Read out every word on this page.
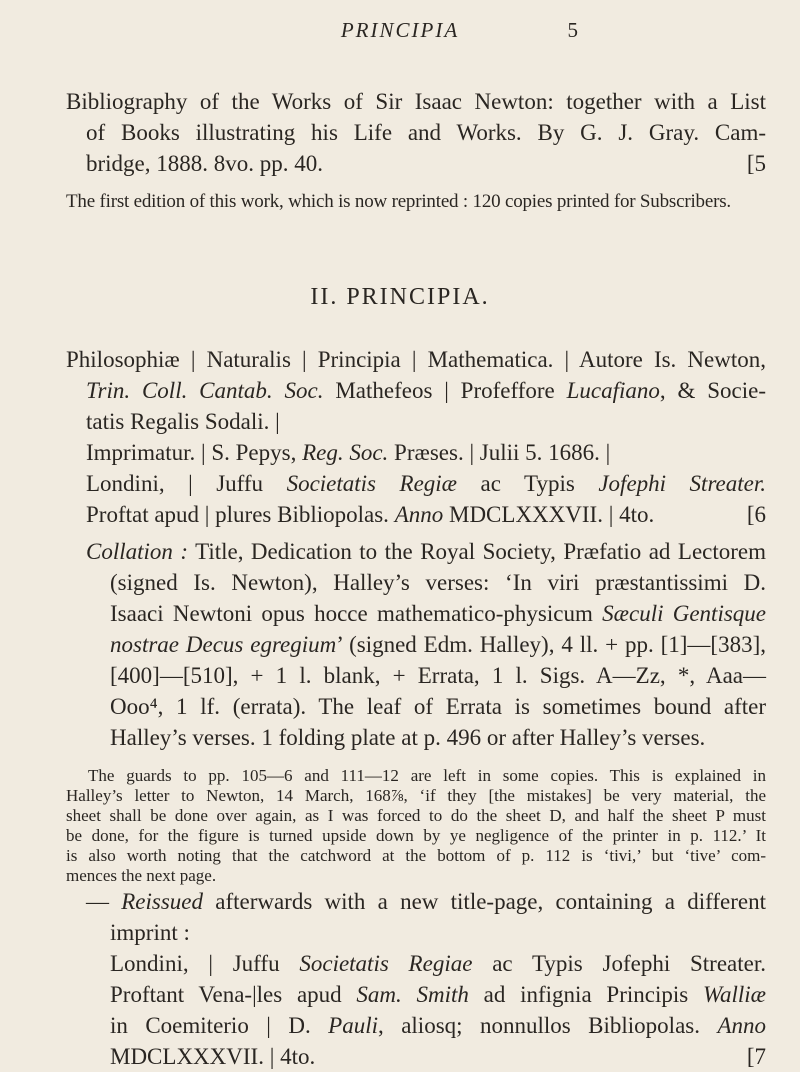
PRINCIPIA	5
Bibliography of the Works of Sir Isaac Newton: together with a List
of Books illustrating his Life and Works. By G. J. Gray. Cam-
bridge, 1888. 8vo. pp. 40.	[5
The first edition of this work, which is now reprinted : 120 copies printed for Subscribers.
II. PRINCIPIA.
Philosophiæ | Naturalis | Principia | Mathematica. | Autore Is. Newton,
Trin. Coll. Cantab. Soc. Mathefeos | Profeffore Lucafiano, & Socie-
tatis Regalis Sodali. |
Imprimatur. | S. Pepys, Reg. Soc. Præses. | Julii 5. 1686. |
Londini, | Juffu Societatis Regiæ ac Typis Jofephi Streater.
Proftat apud | plures Bibliopolas. Anno MDCLXXXVII. | 4to.	[6
Collation : Title, Dedication to the Royal Society, Præfatio ad Lectorem
(signed Is. Newton), Halley’s verses: ‘In viri præstantissimi D.
Isaaci Newtoni opus hocce mathematico-physicum Sæculi Gentisque
nostrae Decus egregium’ (signed Edm. Halley), 4 ll. + pp. [1]—[383],
[400]—[510], + 1 l. blank, + Errata, 1 l. Sigs. A—Zz, *, Aaa—
Ooo⁴, 1 lf. (errata). The leaf of Errata is sometimes bound after
Halley’s verses. 1 folding plate at p. 496 or after Halley’s verses.
The guards to pp. 105—6 and 111—12 are left in some copies. This is explained in
Halley’s letter to Newton, 14 March, 168⅞, ‘if they [the mistakes] be very material, the
sheet shall be done over again, as I was forced to do the sheet D, and half the sheet P must
be done, for the figure is turned upside down by ye negligence of the printer in p. 112.’ It
is also worth noting that the catchword at the bottom of p. 112 is ‘tivi,’ but ‘tive’ com-
mences the next page.
— Reissued afterwards with a new title-page, containing a different
imprint :
Londini, | Juffu Societatis Regiae ac Typis Jofephi Streater.
Proftant Vena-|les apud Sam. Smith ad infignia Principis Walliæ
in Coemiterio | D. Pauli, aliosq; nonnullos Bibliopolas. Anno
MDCLXXXVII. | 4to.	[7
